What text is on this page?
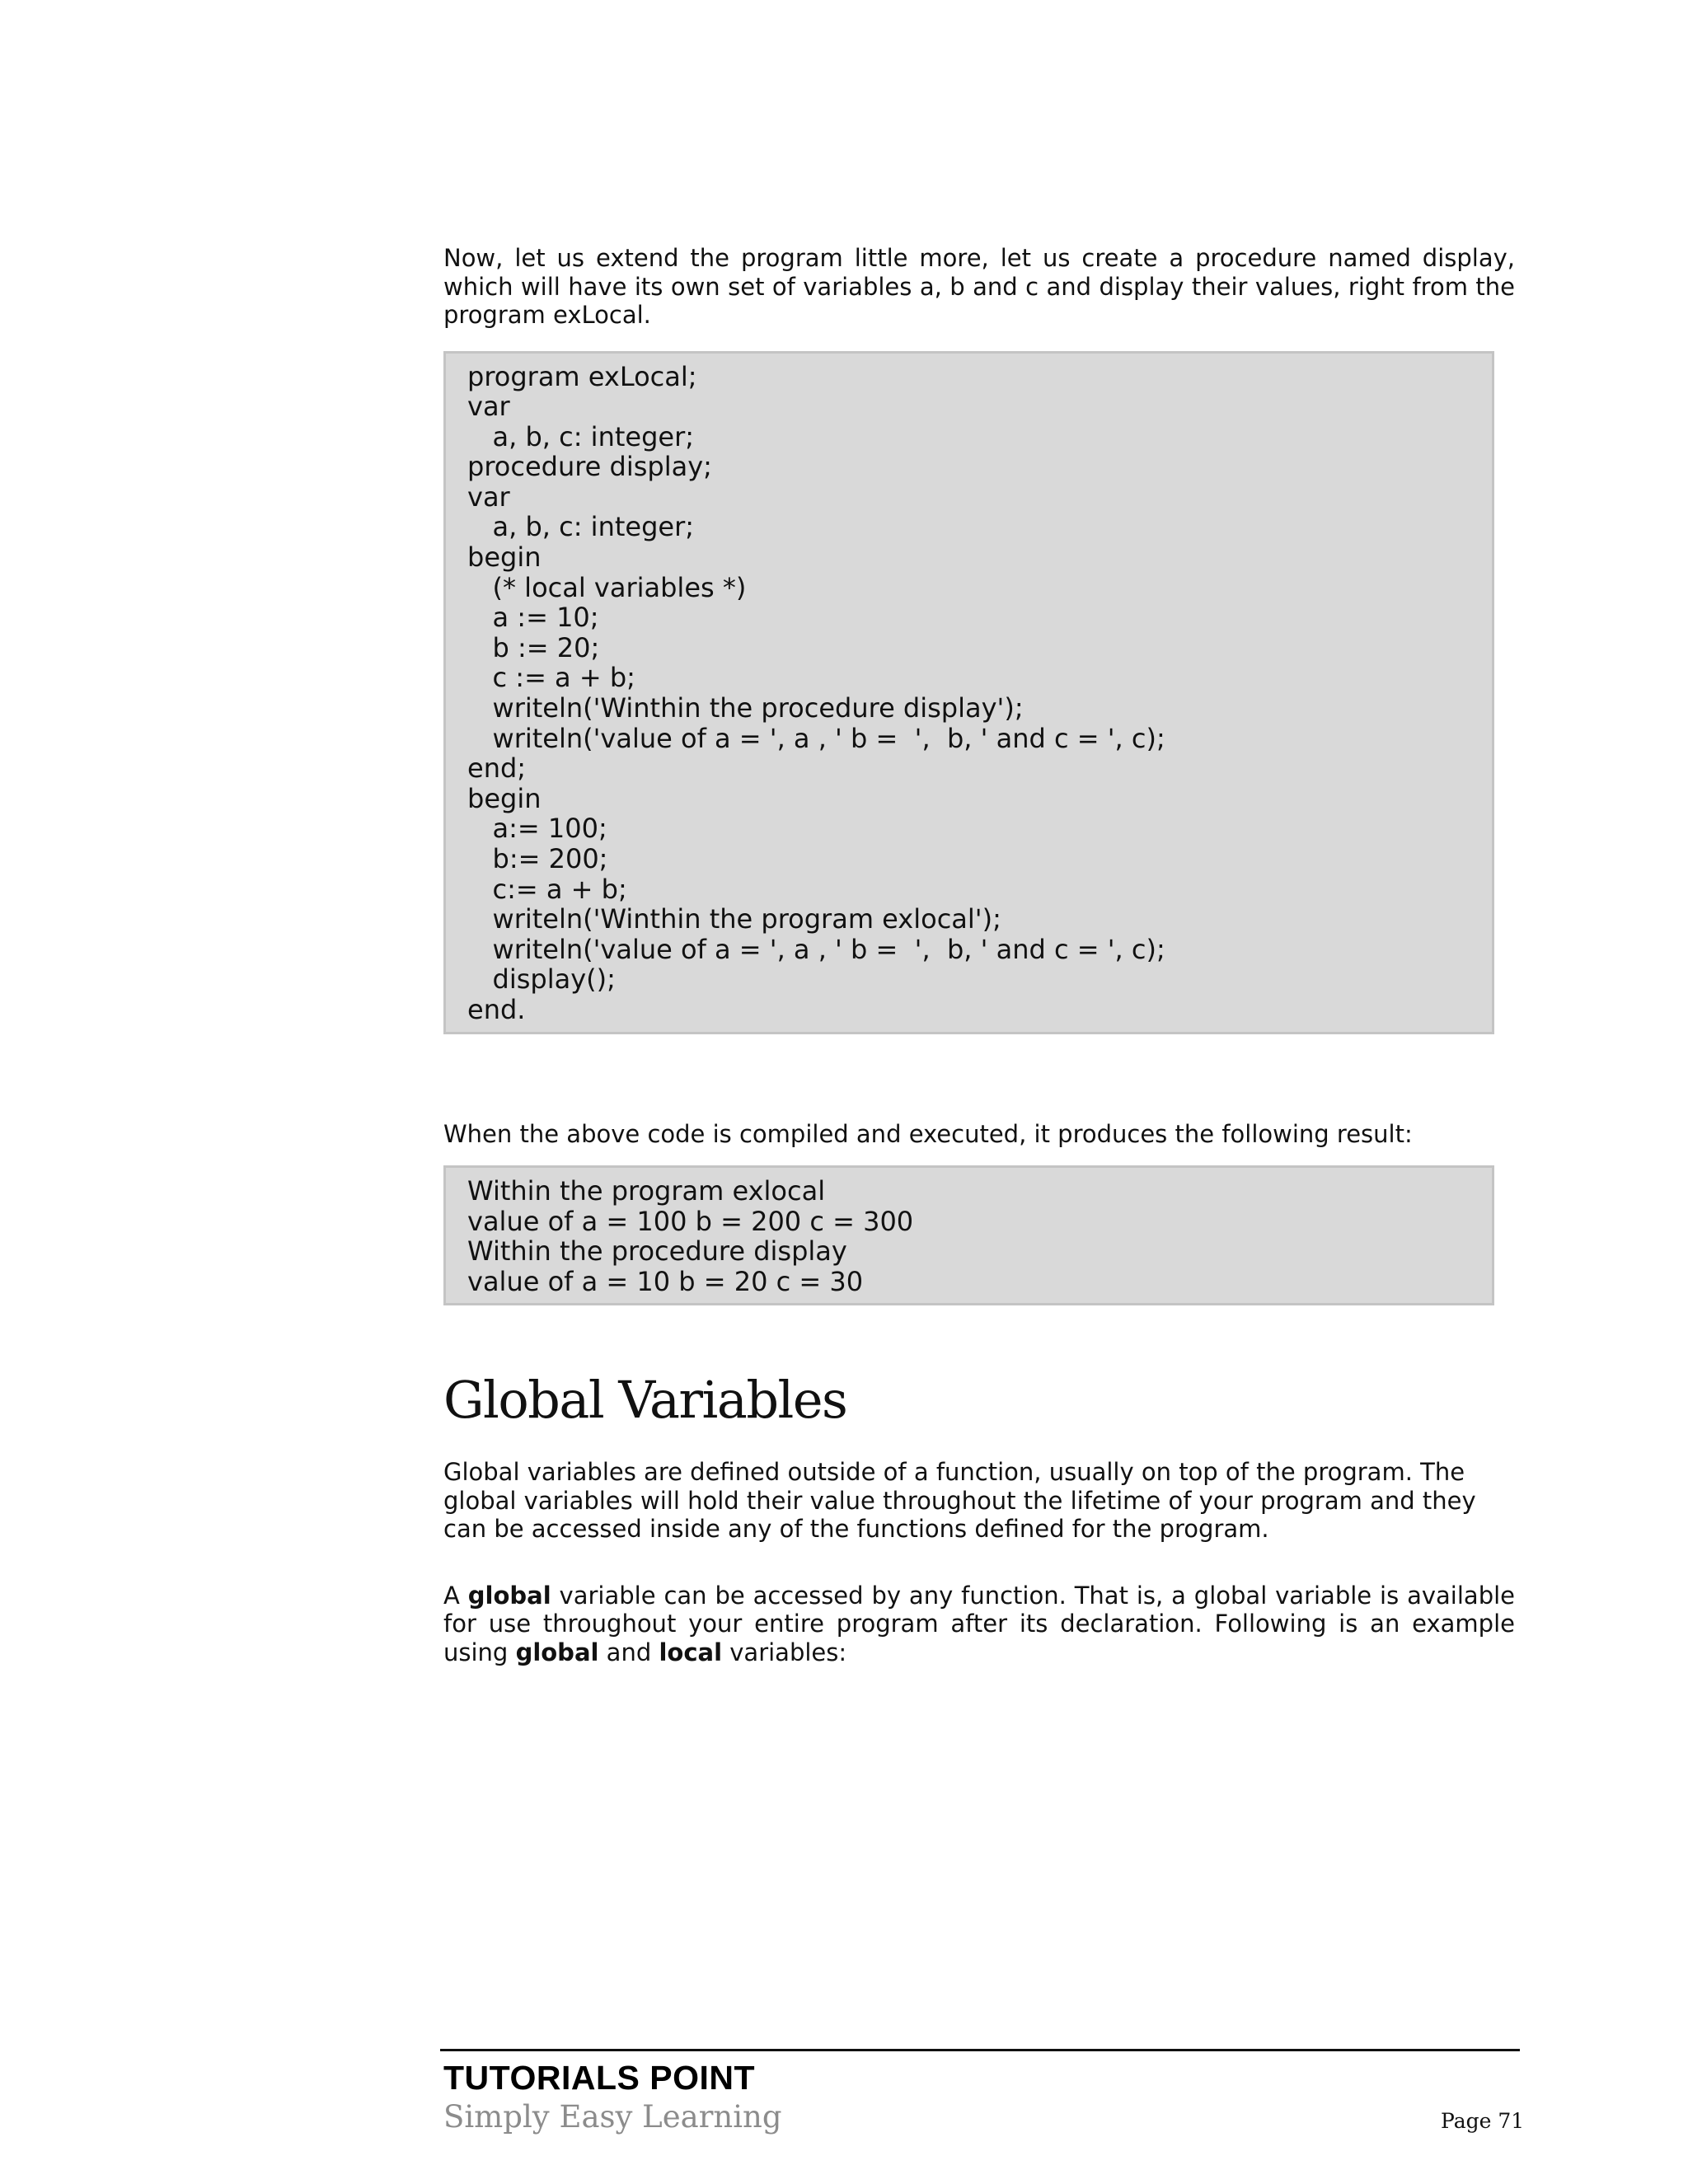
Now, let us extend the program little more, let us create a procedure named display, which will have its own set of variables a, b and c and display their values, right from the program exLocal.

program exLocal;
var
a, b, c: integer;
procedure display;
var
a, b, c: integer;
begin
(* local variables *)
a := 10;
b := 20;
c := a + b;
writeln('Winthin the procedure display');
writeln('value of a = ', a , ' b =  ',  b, ' and c = ', c);
end;
begin
a:= 100;
b:= 200;
c:= a + b;
writeln('Winthin the program exlocal');
writeln('value of a = ', a , ' b =  ',  b, ' and c = ', c);
display();
end.

When the above code is compiled and executed, it produces the following result:

Within the program exlocal
value of a = 100 b = 200 c = 300
Within the procedure display
value of a = 10 b = 20 c = 30
Global Variables

Global variables are defined outside of a function, usually on top of the program. The global variables will hold their value throughout the lifetime of your program and they can be accessed inside any of the functions defined for the program.

A global variable can be accessed by any function. That is, a global variable is available for use throughout your entire program after its declaration. Following is an example using global and local variables:

TUTORIALS POINT
Simply Easy Learning	Page 71
